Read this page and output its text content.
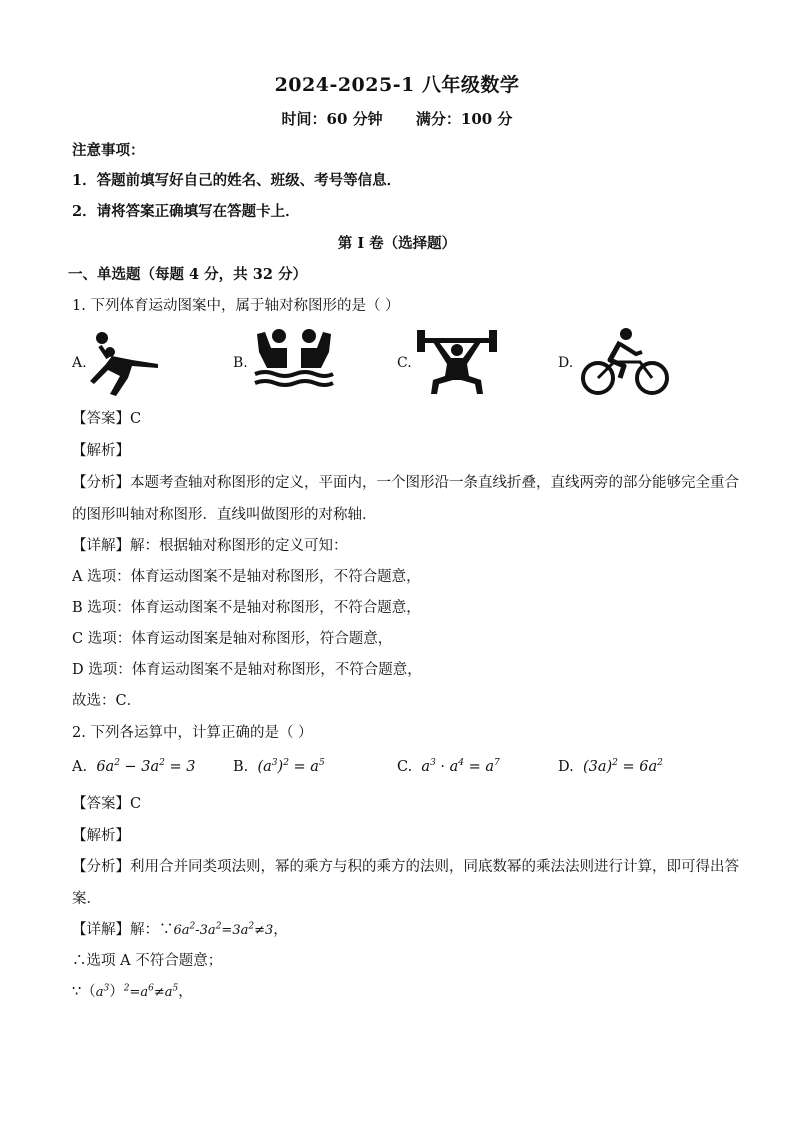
2024-2025-1 八年级数学
时间：60 分钟 满分：100 分
注意事项：
1．答题前填写好自己的姓名、班级、考号等信息．
2．请将答案正确填写在答题卡上．
第 I 卷（选择题）
一、单选题（每题 4 分，共 32 分）
1. 下列体育运动图案中，属于轴对称图形的是（ ）
A.	B.	C.	D.
【答案】C
【解析】
【分析】本题考查轴对称图形的定义，平面内，一个图形沿一条直线折叠，直线两旁的部分能够完全重合
的图形叫轴对称图形．直线叫做图形的对称轴．
【详解】解：根据轴对称图形的定义可知：
A 选项：体育运动图案不是轴对称图形，不符合题意，
B 选项：体育运动图案不是轴对称图形，不符合题意，
C 选项：体育运动图案是轴对称图形，符合题意，
D 选项：体育运动图案不是轴对称图形，不符合题意，
故选：C．
2. 下列各运算中，计算正确的是（ ）
A. $6a^2 - 3a^2 = 3$	B. $(a^3)^2 = a^5$	C. $a^3 \cdot a^4 = a^7$	D. $(3a)^2 = 6a^2$
【答案】C
【解析】
【分析】利用合并同类项法则，幂的乘方与积的乘方的法则，同底数幂的乘法法则进行计算，即可得出答
案．
【详解】解：$\because 6a^2-3a^2=3a^2\ne 3$，
∴选项 A 不符合题意；
$\because(a^3)^2=a^6\ne a^5$，
